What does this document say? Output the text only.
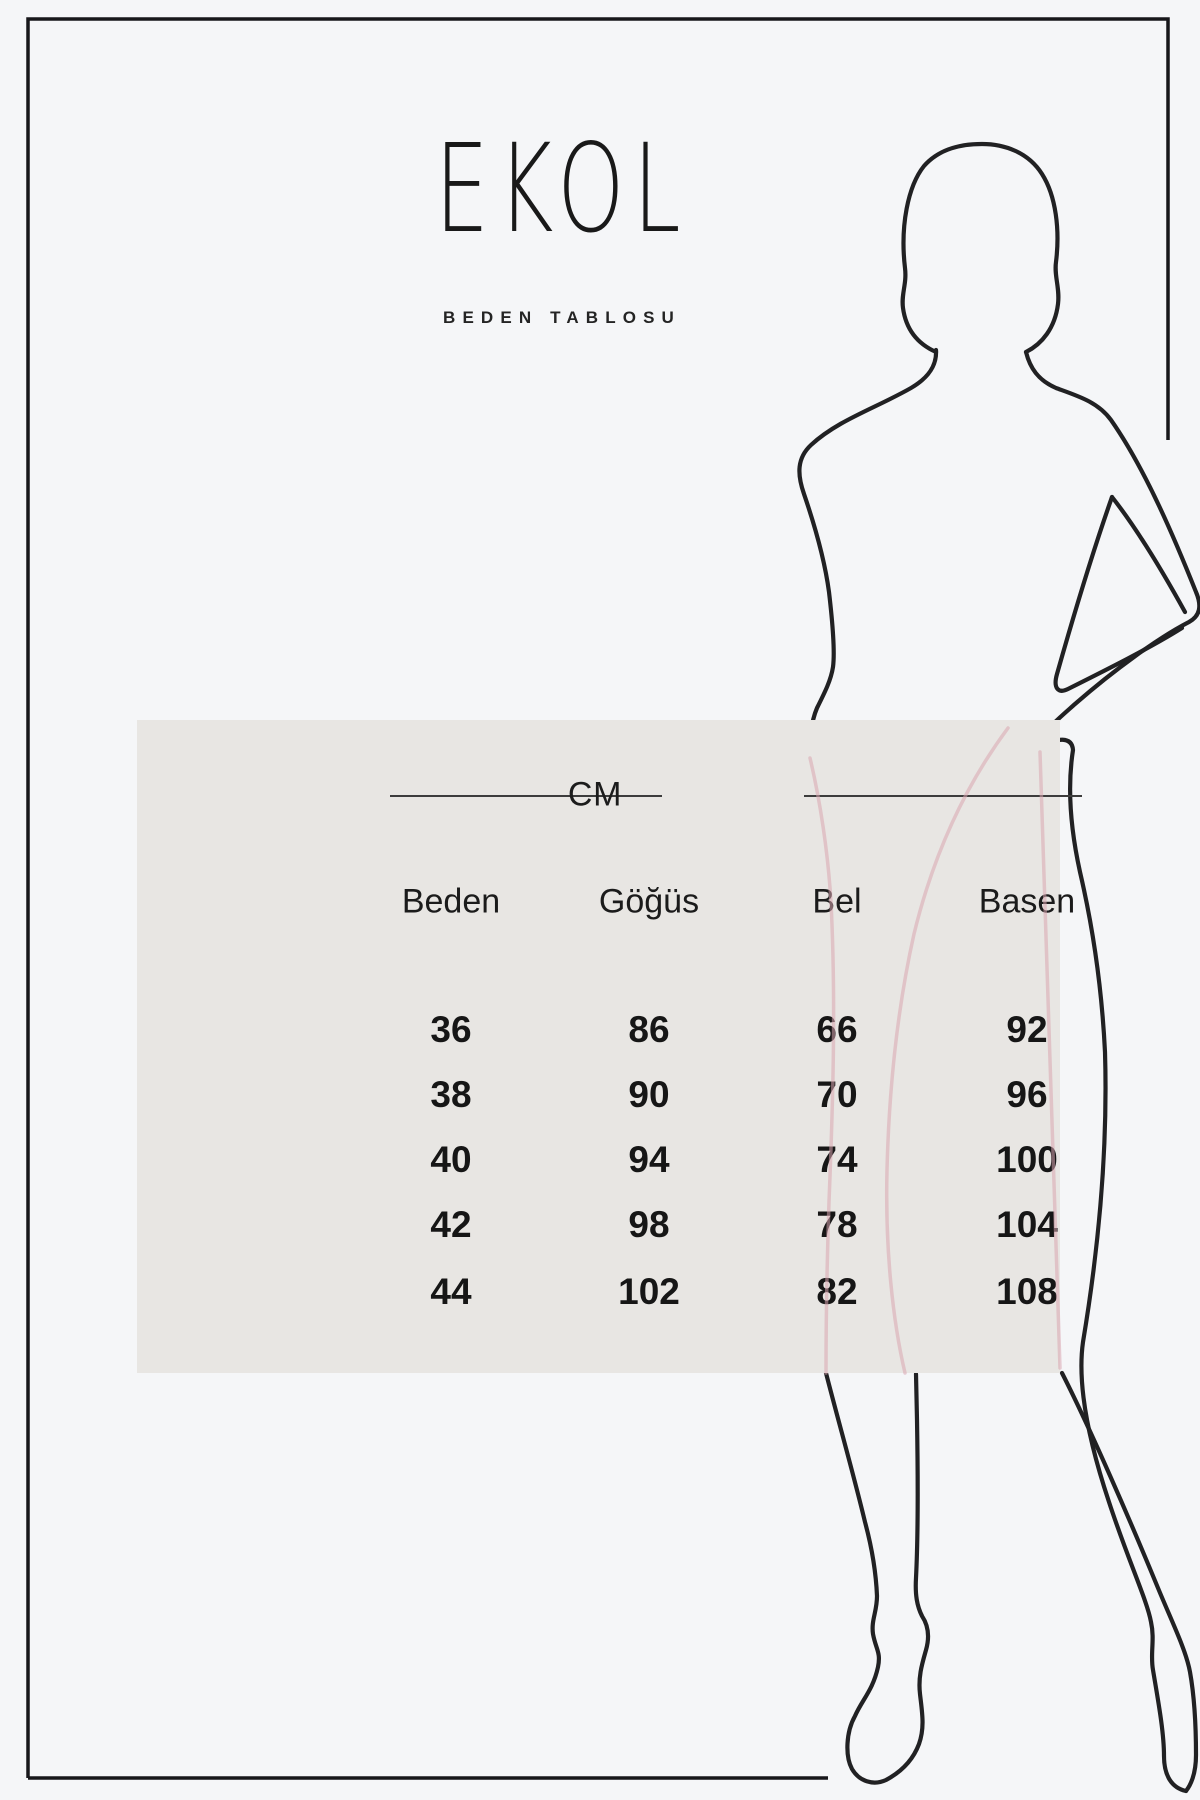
CM
Beden	Göğüs	Bel	Basen
36	86	66	92
38	90	70	96
40	94	74	100
42	98	78	104
44	102	82	108
EKOL
BEDEN TABLOSU
